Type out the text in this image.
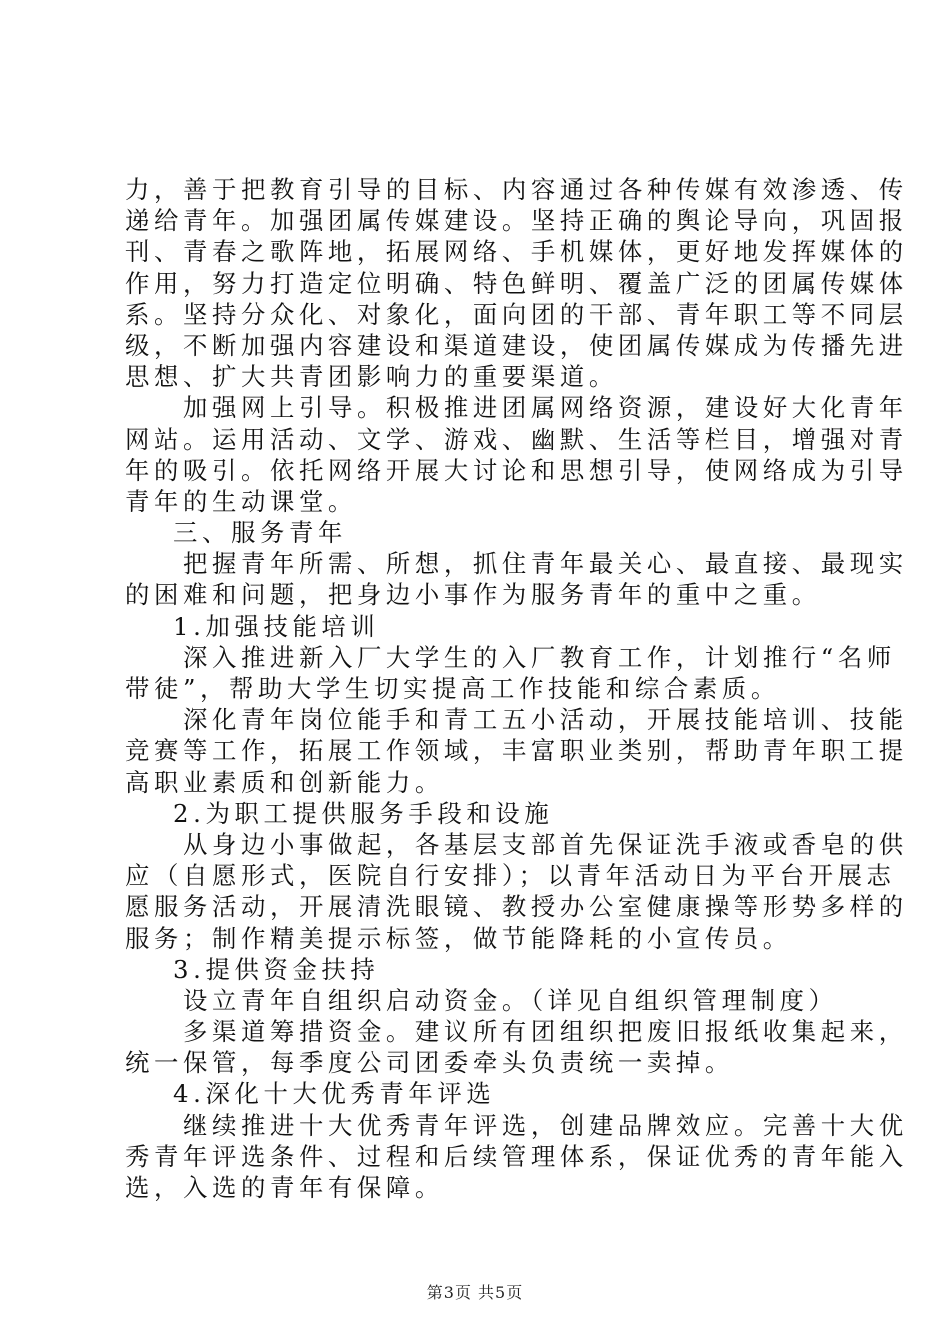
力，善于把教育引导的目标、内容通过各种传媒有效渗透、传
递给青年。加强团属传媒建设。坚持正确的舆论导向，巩固报
刊、青春之歌阵地，拓展网络、手机媒体，更好地发挥媒体的
作用，努力打造定位明确、特色鲜明、覆盖广泛的团属传媒体
系。坚持分众化、对象化，面向团的干部、青年职工等不同层
级，不断加强内容建设和渠道建设，使团属传媒成为传播先进
思想、扩大共青团影响力的重要渠道。
加强网上引导。积极推进团属网络资源，建设好大化青年
网站。运用活动、文学、游戏、幽默、生活等栏目，增强对青
年的吸引。依托网络开展大讨论和思想引导，使网络成为引导
青年的生动课堂。
三、服务青年
把握青年所需、所想，抓住青年最关心、最直接、最现实
的困难和问题，把身边小事作为服务青年的重中之重。
1.加强技能培训
深入推进新入厂大学生的入厂教育工作，计划推行“名师
带徒”，帮助大学生切实提高工作技能和综合素质。
深化青年岗位能手和青工五小活动，开展技能培训、技能
竞赛等工作，拓展工作领域，丰富职业类别，帮助青年职工提
高职业素质和创新能力。
2.为职工提供服务手段和设施
从身边小事做起，各基层支部首先保证洗手液或香皂的供
应（自愿形式，医院自行安排）；以青年活动日为平台开展志
愿服务活动，开展清洗眼镜、教授办公室健康操等形势多样的
服务；制作精美提示标签，做节能降耗的小宣传员。
3.提供资金扶持
设立青年自组织启动资金。（详见自组织管理制度）
多渠道筹措资金。建议所有团组织把废旧报纸收集起来，
统一保管，每季度公司团委牵头负责统一卖掉。
4.深化十大优秀青年评选
继续推进十大优秀青年评选，创建品牌效应。完善十大优
秀青年评选条件、过程和后续管理体系，保证优秀的青年能入
选，入选的青年有保障。
第3页 共5页
